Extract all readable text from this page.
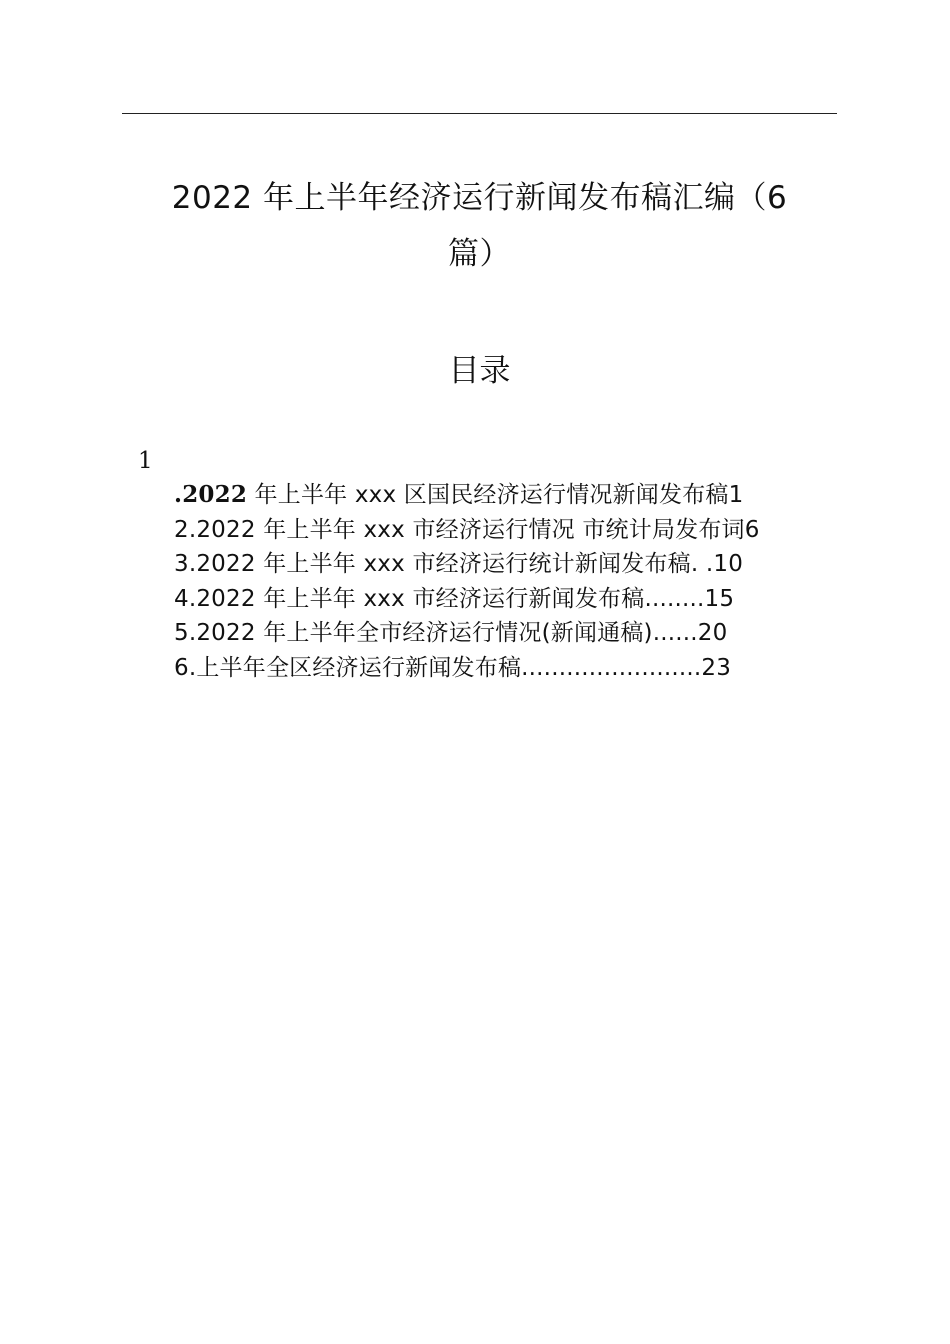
2022 年上半年经济运行新闻发布稿汇编（6
篇）
目录
1
.2022 年上半年 xxx 区国民经济运行情况新闻发布稿1
2.2022 年上半年 xxx 市经济运行情况 市统计局发布词6
3.2022 年上半年 xxx 市经济运行统计新闻发布稿. .10
4.2022 年上半年 xxx 市经济运行新闻发布稿........15
5.2022 年上半年全市经济运行情况(新闻通稿)......20
6.上半年全区经济运行新闻发布稿........................23
